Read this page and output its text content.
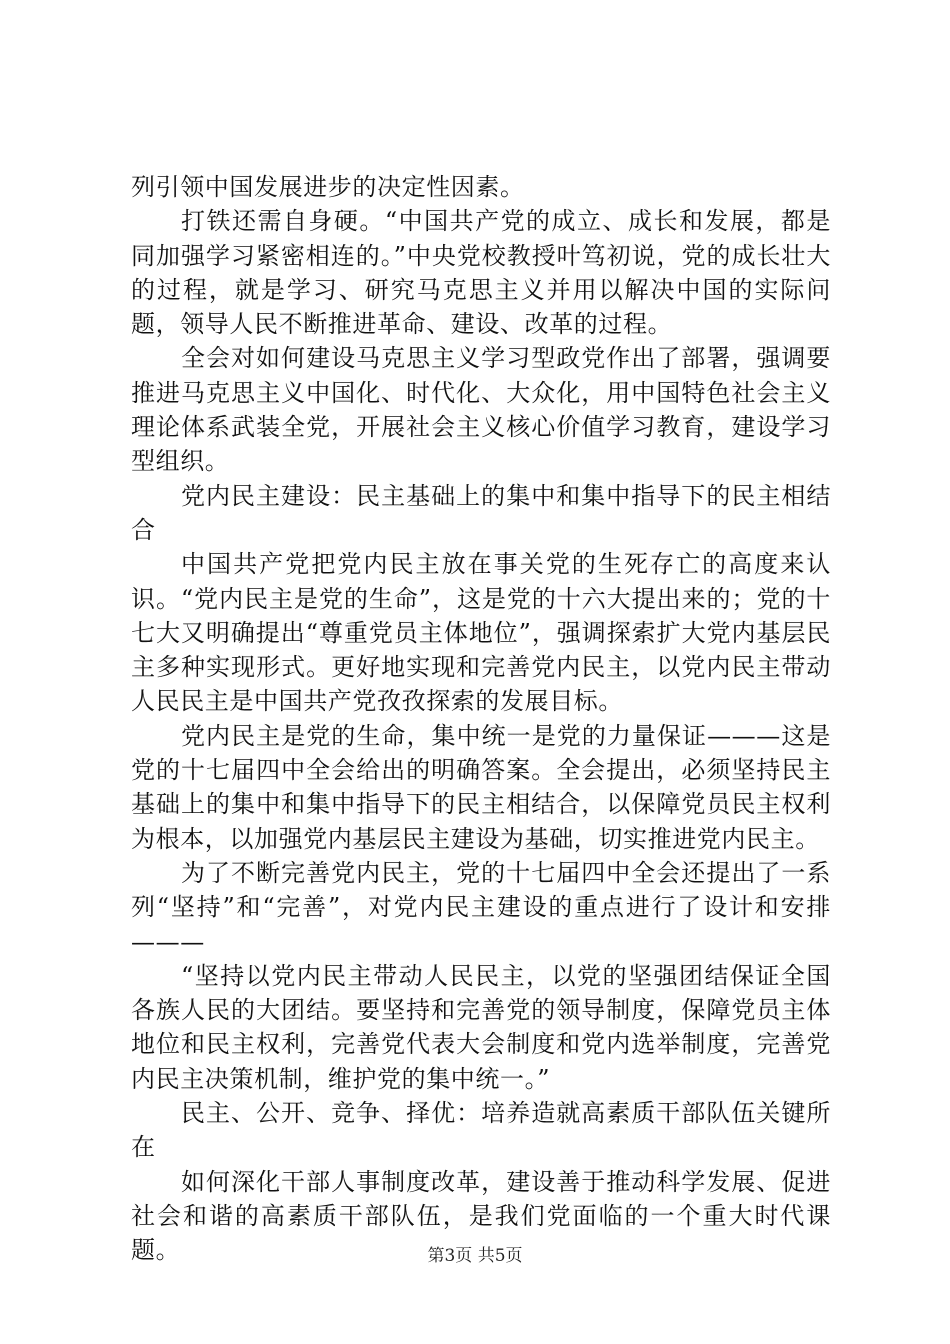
列引领中国发展进步的决定性因素。

打铁还需自身硬。“中国共产党的成立、成长和发展，都是同加强学习紧密相连的。”中央党校教授叶笃初说，党的成长壮大的过程，就是学习、研究马克思主义并用以解决中国的实际问题，领导人民不断推进革命、建设、改革的过程。

全会对如何建设马克思主义学习型政党作出了部署，强调要推进马克思主义中国化、时代化、大众化，用中国特色社会主义理论体系武装全党，开展社会主义核心价值学习教育，建设学习型组织。

党内民主建设：民主基础上的集中和集中指导下的民主相结合

中国共产党把党内民主放在事关党的生死存亡的高度来认识。“党内民主是党的生命”，这是党的十六大提出来的；党的十七大又明确提出“尊重党员主体地位”，强调探索扩大党内基层民主多种实现形式。更好地实现和完善党内民主，以党内民主带动人民民主是中国共产党孜孜探索的发展目标。

党内民主是党的生命，集中统一是党的力量保证———这是党的十七届四中全会给出的明确答案。全会提出，必须坚持民主基础上的集中和集中指导下的民主相结合，以保障党员民主权利为根本，以加强党内基层民主建设为基础，切实推进党内民主。

为了不断完善党内民主，党的十七届四中全会还提出了一系列“坚持”和“完善”，对党内民主建设的重点进行了设计和安排———

“坚持以党内民主带动人民民主，以党的坚强团结保证全国各族人民的大团结。要坚持和完善党的领导制度，保障党员主体地位和民主权利，完善党代表大会制度和党内选举制度，完善党内民主决策机制，维护党的集中统一。”

民主、公开、竞争、择优：培养造就高素质干部队伍关键所在

如何深化干部人事制度改革，建设善于推动科学发展、促进社会和谐的高素质干部队伍，是我们党面临的一个重大时代课题。	第3页 共5页
